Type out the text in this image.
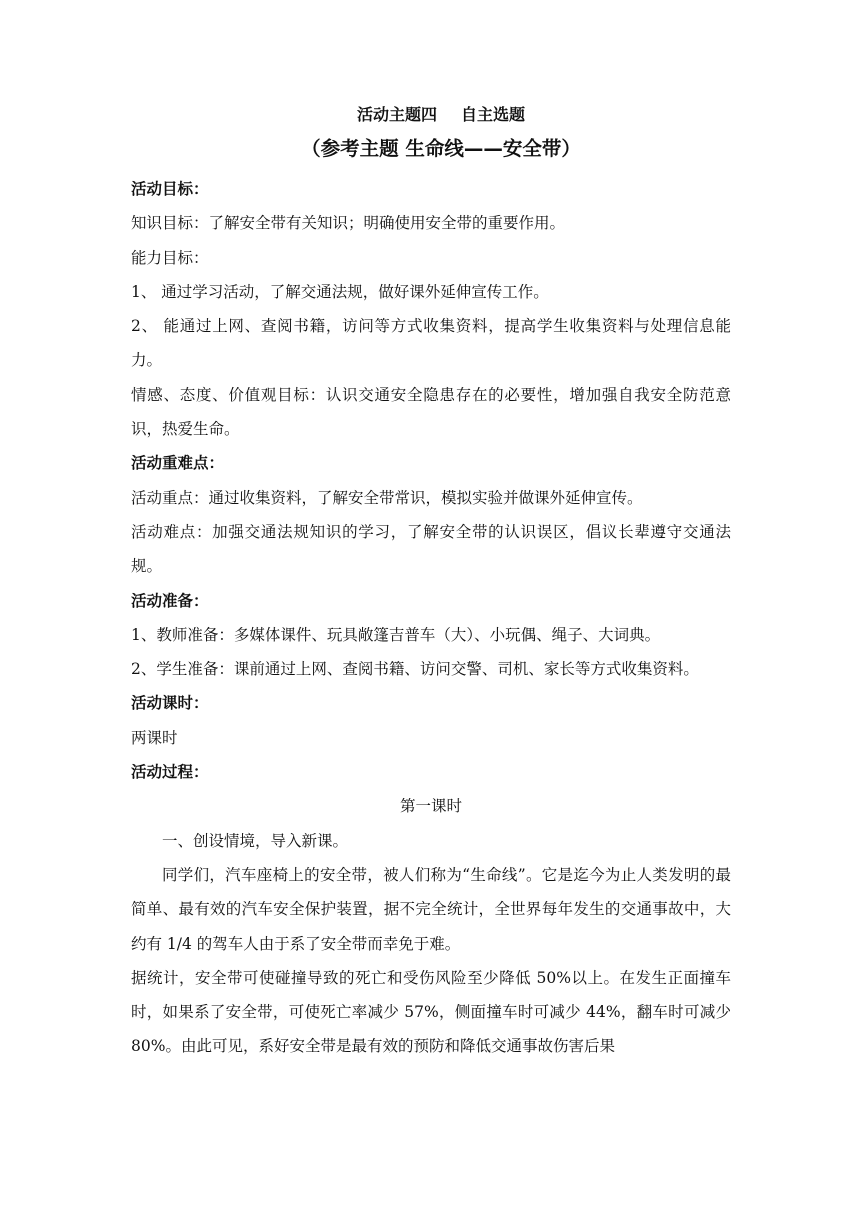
活动主题四 自主选题

（参考主题 生命线——安全带）

活动目标：

知识目标：了解安全带有关知识；明确使用安全带的重要作用。

能力目标：

1、 通过学习活动，了解交通法规，做好课外延伸宣传工作。

2、 能通过上网、查阅书籍，访问等方式收集资料，提高学生收集资料与处理信息能力。

情感、态度、价值观目标：认识交通安全隐患存在的必要性，增加强自我安全防范意识，热爱生命。

活动重难点：

活动重点：通过收集资料，了解安全带常识，模拟实验并做课外延伸宣传。

活动难点：加强交通法规知识的学习，了解安全带的认识误区，倡议长辈遵守交通法规。

活动准备：

1、教师准备：多媒体课件、玩具敞篷吉普车（大）、小玩偶、绳子、大词典。

2、学生准备：课前通过上网、查阅书籍、访问交警、司机、家长等方式收集资料。

活动课时：

两课时

活动过程：

第一课时

一、创设情境，导入新课。

同学们，汽车座椅上的安全带，被人们称为“生命线”。它是迄今为止人类发明的最简单、最有效的汽车安全保护装置，据不完全统计，全世界每年发生的交通事故中，大约有 1/4 的驾车人由于系了安全带而幸免于难。

据统计，安全带可使碰撞导致的死亡和受伤风险至少降低 50%以上。在发生正面撞车时，如果系了安全带，可使死亡率减少 57%，侧面撞车时可减少 44%，翻车时可减少 80%。由此可见，系好安全带是最有效的预防和降低交通事故伤害后果
